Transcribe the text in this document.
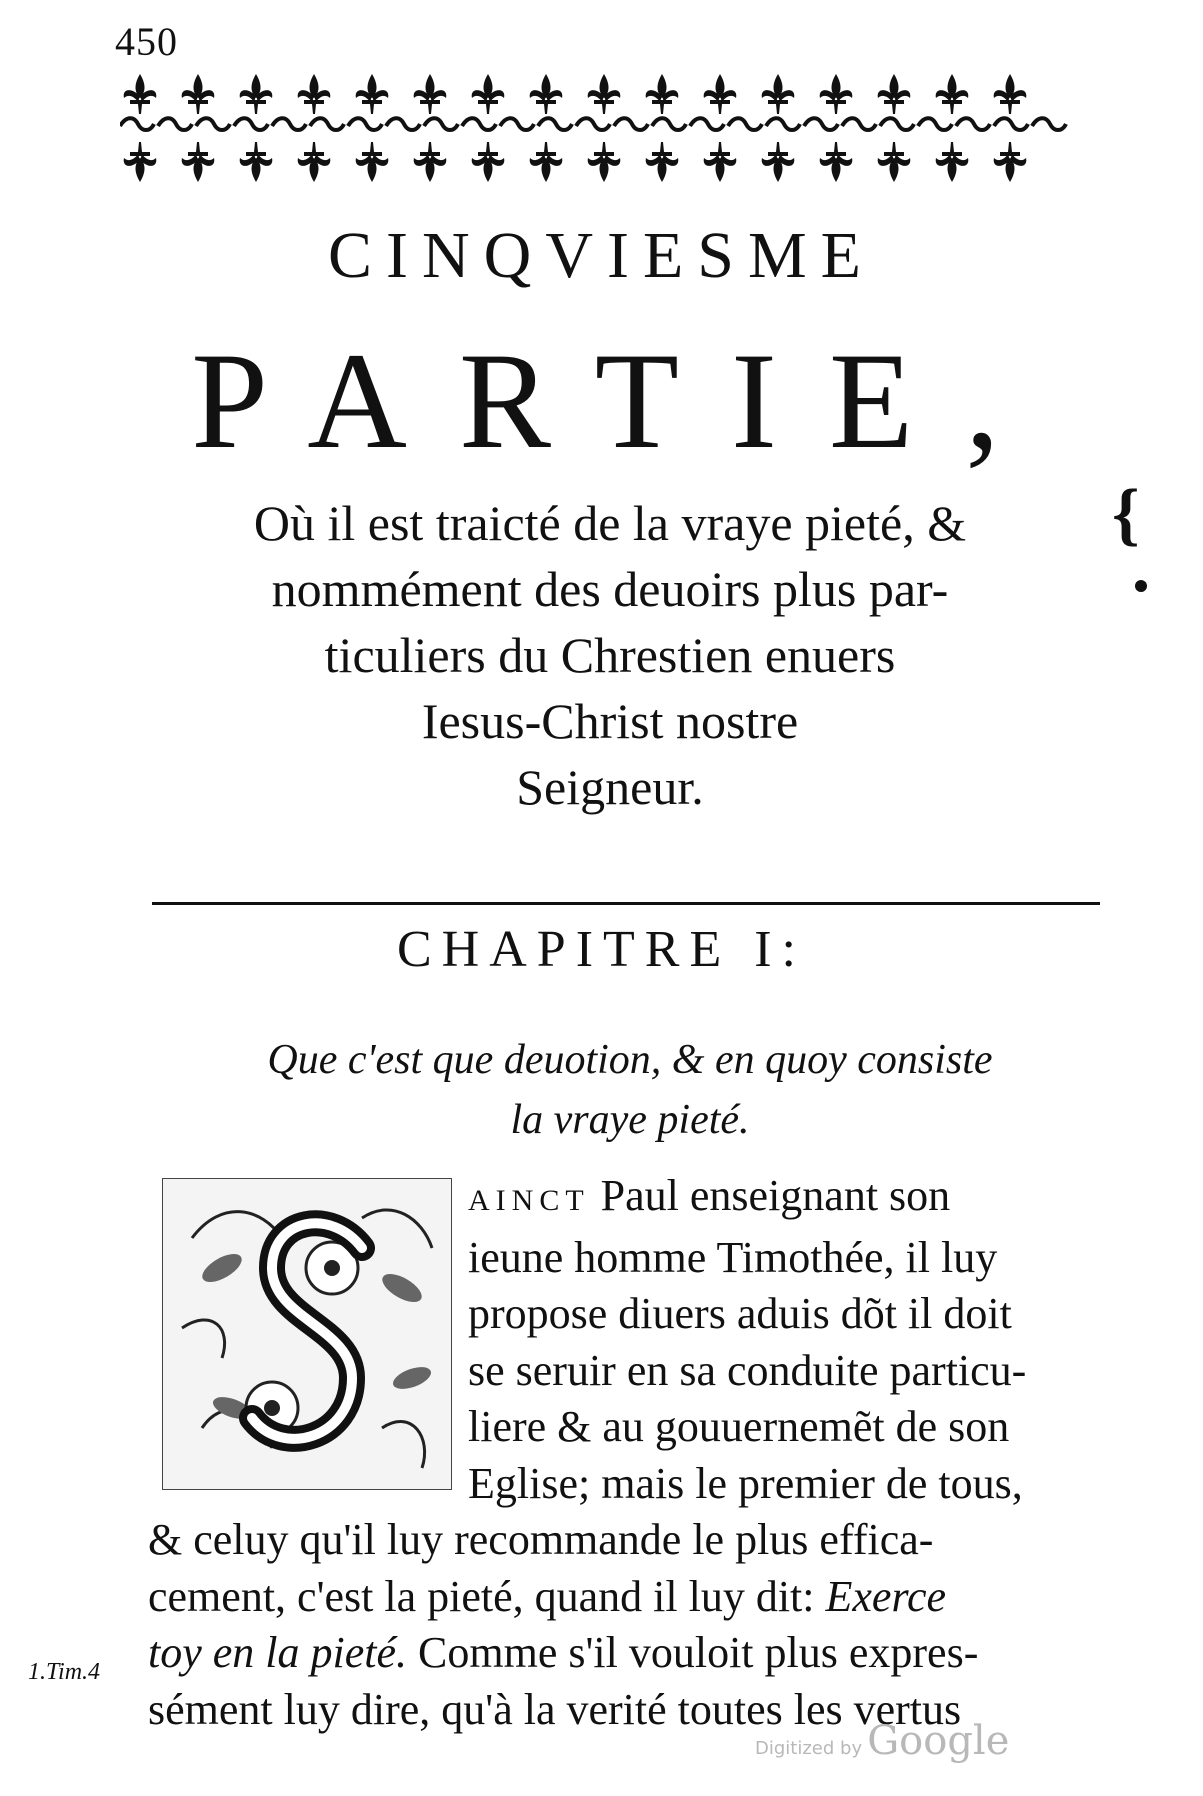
450
CINQVIESME
PARTIE,
Où il est traicté de la vraye pieté, &
nommément des deuoirs plus par-
ticuliers du Chrestien enuers
Iesus-Christ nostre
Seigneur.
{
CHAPITRE I:
Que c'est que deuotion, & en quoy consiste
la vraye pieté.
AINCT Paul enseignant son
ieune homme Timothée, il luy
propose diuers aduis dõt il doit
se seruir en sa conduite particu-
liere & au gouuernemẽt de son
Eglise; mais le premier de tous,
& celuy qu'il luy recommande le plus effica-
cement, c'est la pieté, quand il luy dit: Exerce
toy en la pieté. Comme s'il vouloit plus expres-
sément luy dire, qu'à la verité toutes les vertus
1.Tim.4
Digitized by Google
